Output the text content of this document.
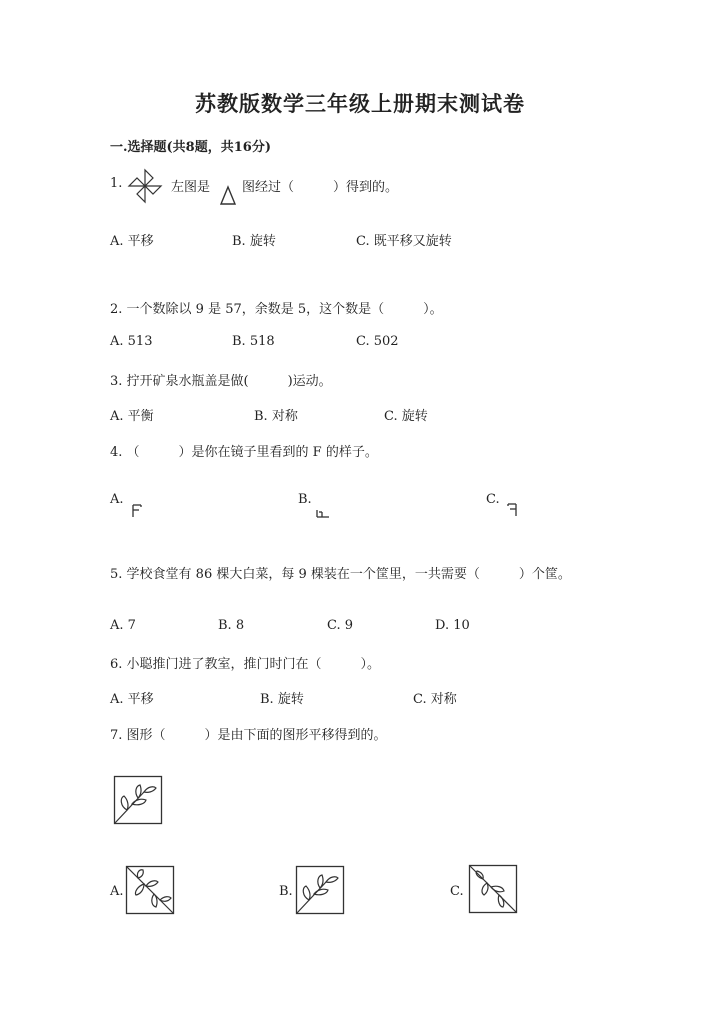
苏教版数学三年级上册期末测试卷
一.选择题(共8题，共16分)
1.	左图是 图经过（　　　）得到的。
A. 平移	B. 旋转	C. 既平移又旋转
2. 一个数除以 9 是 57，余数是 5，这个数是（　　　）。
A. 513	B. 518	C. 502
3. 拧开矿泉水瓶盖是做(　　　)运动。
A. 平衡	B. 对称	C. 旋转
4. （　　　）是你在镜子里看到的 F 的样子。
A.	B.	C.
5. 学校食堂有 86 棵大白菜，每 9 棵装在一个筐里，一共需要（　　　）个筐。
A. 7	B. 8	C. 9	D. 10
6. 小聪推门进了教室，推门时门在（　　　）。
A. 平移	B. 旋转	C. 对称
7. 图形（　　　）是由下面的图形平移得到的。
A.	B.	C.
